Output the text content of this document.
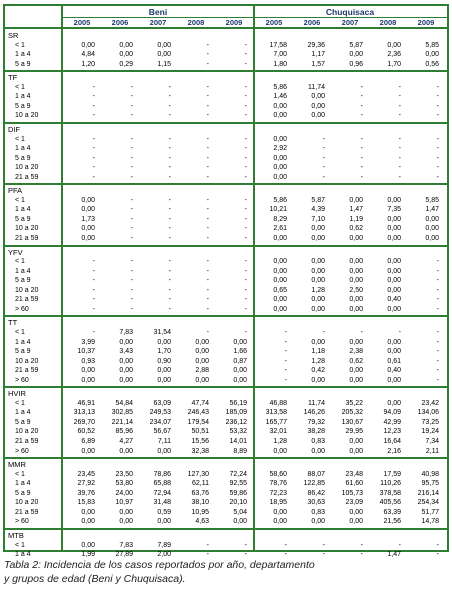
Beni	Chuquisaca
2005	2005
2006	2006
2007	2007
2008	2008
2009	2009
SR
< 1	0,00	0,00	0,00	-	-	17,58	29,36	5,87	0,00	5,85
1 a 4	4,84	0,00	0,00	-	-	7,00	1,17	0,00	2,36	0,00
5 a 9	1,20	0,29	1,15	-	-	1,80	1,57	0,96	1,70	0,56
TF
< 1	-	-	-	-	-	5,86	11,74	-	-	-
1 a 4	-	-	-	-	-	1,46	0,00	-	-	-
5 a 9	-	-	-	-	-	0,00	0,00	-	-	-
10 a 20	-	-	-	-	-	0,00	0,00	-	-	-
DIF
< 1	-	-	-	-	-	0,00	-	-	-	-
1 a 4	-	-	-	-	-	2,92	-	-	-	-
5 a 9	-	-	-	-	-	0,00	-	-	-	-
10 a 20	-	-	-	-	-	0,00	-	-	-	-
21 a 59	-	-	-	-	-	0,00	-	-	-	-
PFA
< 1	0,00	-	-	-	-	5,86	5,87	0,00	0,00	5,85
1 a 4	0,00	-	-	-	-	10,21	4,39	1,47	7,35	1,47
5 a 9	1,73	-	-	-	-	8,29	7,10	1,19	0,00	0,00
10 a 20	0,00	-	-	-	-	2,61	0,00	0,62	0,00	0,00
21 a 59	0,00	-	-	-	-	0,00	0,00	0,00	0,00	0,00
YFV
< 1	-	-	-	-	-	0,00	0,00	0,00	0,00	-
1 a 4	-	-	-	-	-	0,00	0,00	0,00	0,00	-
5 a 9	-	-	-	-	-	0,00	0,00	0,00	0,00	-
10 a 20	-	-	-	-	-	0,65	1,28	2,50	0,00	-
21 a 59	-	-	-	-	-	0,00	0,00	0,00	0,40	-
> 60	-	-	-	-	-	0,00	0,00	0,00	0,00	-
TT
< 1	-	7,83	31,54	-	-	-	-	-	-	-
1 a 4	3,99	0,00	0,00	0,00	0,00	-	0,00	0,00	0,00	-
5 a 9	10,37	3,43	1,70	0,00	1,66	-	1,18	2,38	0,00	-
10 a 20	0,93	0,00	0,90	0,00	0,87	-	1,28	0,62	0,61	-
21 a 59	0,00	0,00	0,00	2,88	0,00	-	0,42	0,00	0,40	-
> 60	0,00	0,00	0,00	0,00	0,00	-	0,00	0,00	0,00	-
HVIR
< 1	46,91	54,84	63,09	47,74	56,19	46,88	11,74	35,22	0,00	23,42
1 a 4	313,13	302,85	249,53	246,43	185,09	313,58	146,26	205,32	94,09	134,06
5 a 9	269,70	221,14	234,07	179,54	236,12	165,77	79,32	130,67	42,99	73,25
10 a 20	60,52	85,96	56,67	50,51	53,32	32,01	38,28	29,95	12,23	19,24
21 a 59	6,89	4,27	7,11	15,56	14,01	1,28	0,83	0,00	16,64	7,34
> 60	0,00	0,00	0,00	32,38	8,89	0,00	0,00	0,00	2,16	2,11
MMR
< 1	23,45	23,50	78,86	127,30	72,24	58,60	88,07	23,48	17,59	40,98
1 a 4	27,92	53,80	65,88	62,11	92,55	78,76	122,85	61,60	110,26	95,75
5 a 9	39,76	24,00	72,94	63,76	59,86	72,23	86,42	105,73	378,58	216,14
10 a 20	15,83	10,97	31,48	38,10	20,10	18,95	30,63	23,09	405,56	254,34
21 a 59	0,00	0,00	0,59	10,95	5,04	0,00	0,83	0,00	63,39	51,77
> 60	0,00	0,00	0,00	4,63	0,00	0,00	0,00	0,00	21,56	14,78
MTB
< 1	0,00	7,83	7,89	-	-	-	-	-	-	-
1 a 4	1,99	27,89	2,00	-	-	-	-	-	1,47	-
Tabla 2: Incidencia de los casos reportados por año, departamento
y grupos de edad (Beni y Chuquisaca).
